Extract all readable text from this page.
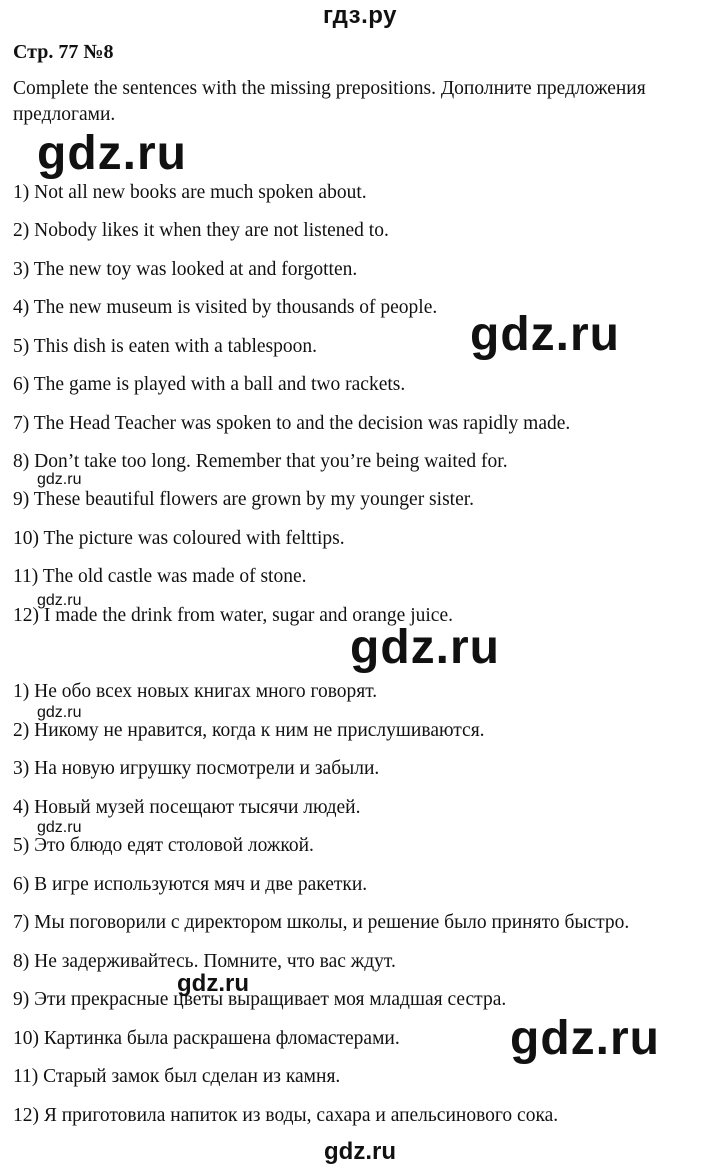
гдз.ру
Стр. 77 №8
Complete the sentences with the missing prepositions. Дополните предложения предлогами.
1) Not all new books are much spoken about.
2) Nobody likes it when they are not listened to.
3) The new toy was looked at and forgotten.
4) The new museum is visited by thousands of people.
5) This dish is eaten with a tablespoon.
6) The game is played with a ball and two rackets.
7) The Head Teacher was spoken to and the decision was rapidly made.
8) Don’t take too long. Remember that you’re being waited for.
9) These beautiful flowers are grown by my younger sister.
10) The picture was coloured with felttips.
11) The old castle was made of stone.
12) I made the drink from water, sugar and orange juice.
1) Не обо всех новых книгах много говорят.
2) Никому не нравится, когда к ним не прислушиваются.
3) На новую игрушку посмотрели и забыли.
4) Новый музей посещают тысячи людей.
5) Это блюдо едят столовой ложкой.
6) В игре используются мяч и две ракетки.
7) Мы поговорили с директором школы, и решение было принято быстро.
8) Не задерживайтесь. Помните, что вас ждут.
9) Эти прекрасные цветы выращивает моя младшая сестра.
10) Картинка была раскрашена фломастерами.
11) Старый замок был сделан из камня.
12) Я приготовила напиток из воды, сахара и апельсинового сока.
gdz.ru
gdz.ru
gdz.ru
gdz.ru
gdz.ru
gdz.ru
gdz.ru
gdz.ru
gdz.ru
gdz.ru
